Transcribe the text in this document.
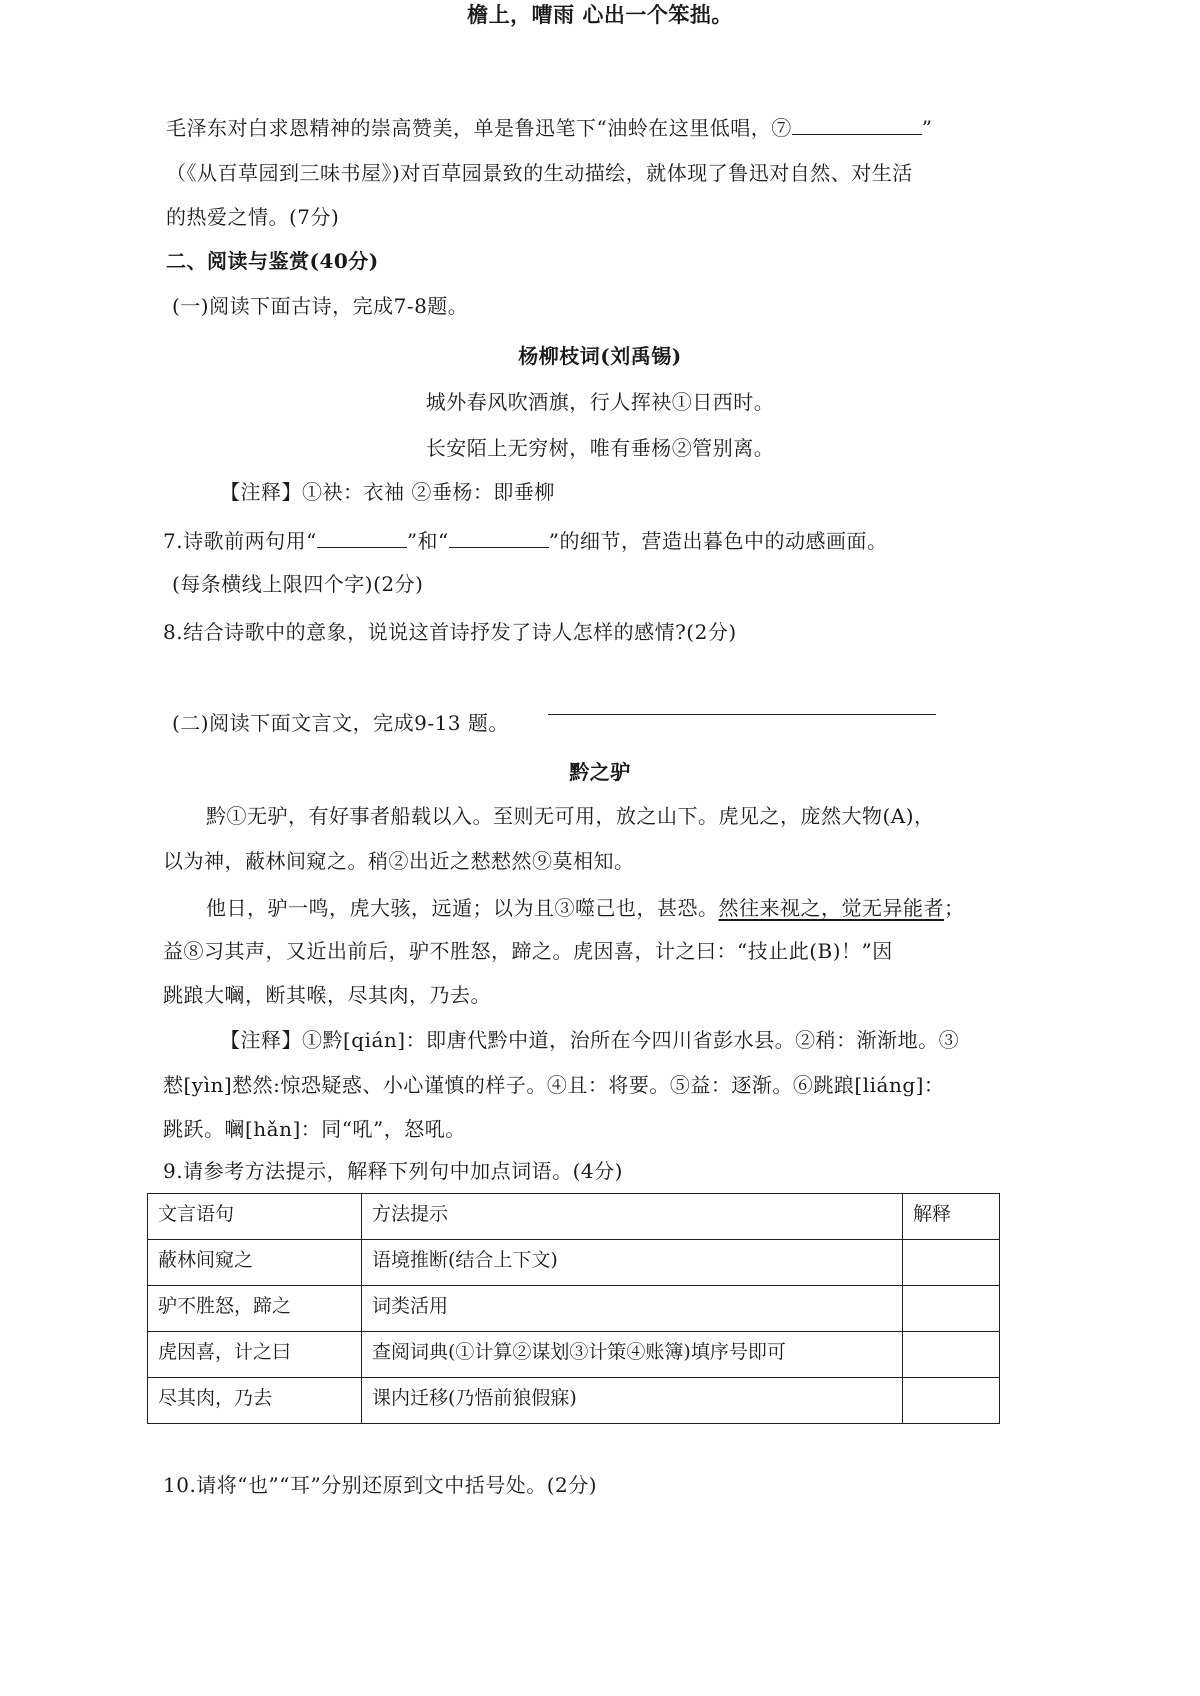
檐上，嘈雨 心出一个笨拙。
毛泽东对白求恩精神的崇高赞美，单是鲁迅笔下“油蛉在这里低唱，⑦	”
（《从百草园到三味书屋》)对百草园景致的生动描绘，就体现了鲁迅对自然、对生活
的热爱之情。(7分)
二、阅读与鉴赏(40分)
(一)阅读下面古诗，完成7-8题。
杨柳枝词(刘禹锡)
城外春风吹酒旗，行人挥袂①日西时。
长安陌上无穷树，唯有垂杨②管别离。
【注释】①袂：衣袖 ②垂杨：即垂柳
7.诗歌前两句用“	”和“	”的细节，营造出暮色中的动感画面。
(每条横线上限四个字)(2分)
8.结合诗歌中的意象，说说这首诗抒发了诗人怎样的感情?(2分)
(二)阅读下面文言文，完成9-13 题。
黔之驴
黔①无驴，有好事者船载以入。至则无可用，放之山下。虎见之，庞然大物(A)，
以为神，蔽林间窥之。稍②出近之慭慭然⑨莫相知。
他日，驴一鸣，虎大骇，远遁；以为且③噬己也，甚恐。然往来视之，觉无异能者；
益⑧习其声，又近出前后，驴不胜怒，蹄之。虎因喜，计之曰：“技止此(B)！”因
跳踉大㘎，断其喉，尽其肉，乃去。
【注释】①黔[qián]：即唐代黔中道，治所在今四川省彭水县。②稍：渐渐地。③
慭[yìn]慭然:惊恐疑惑、小心谨慎的样子。④且：将要。⑤益：逐渐。⑥跳踉[liáng]：
跳跃。㘎[hǎn]：同“吼”，怒吼。
9.请参考方法提示，解释下列句中加点词语。(4分)
文言语句	方法提示	解释
蔽林间窥之	语境推断(结合上下文)	
驴不胜怒，蹄之	词类活用	
虎因喜，计之曰	查阅词典(①计算②谋划③计策④账簿)填序号即可	
尽其肉，乃去	课内迁移(乃悟前狼假寐)	
10.请将“也”“耳”分别还原到文中括号处。(2分)
